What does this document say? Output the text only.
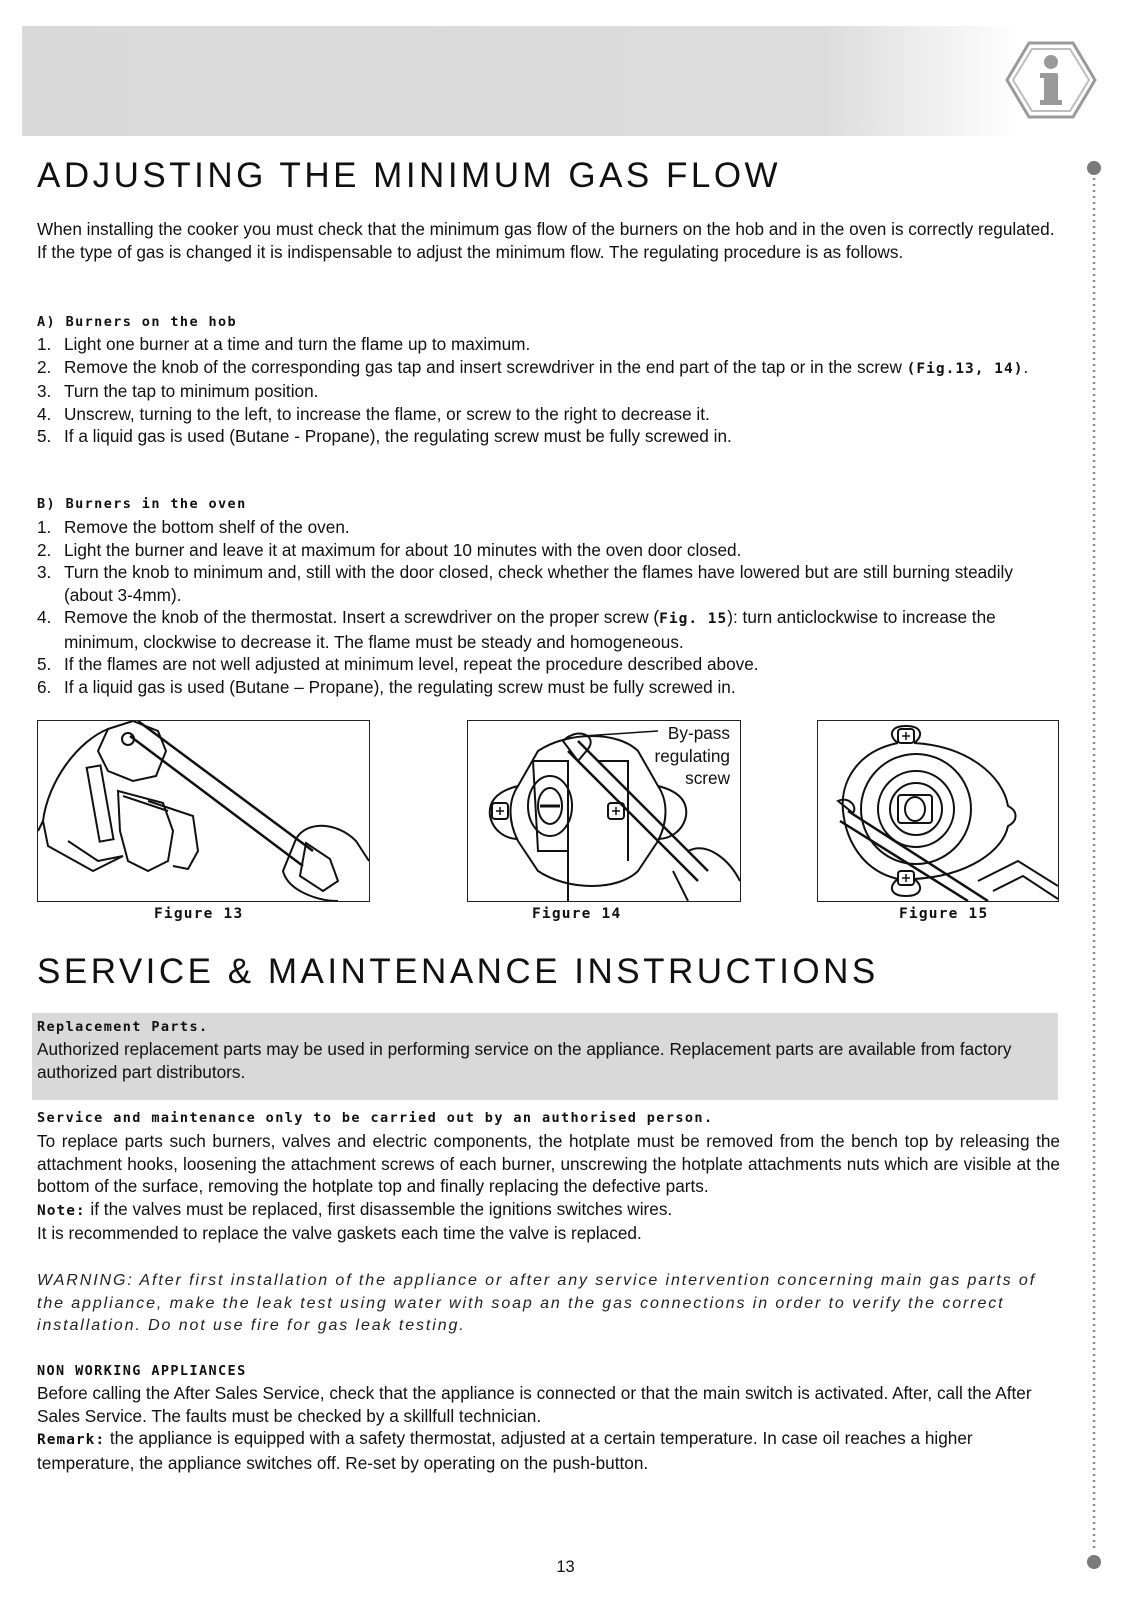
ADJUSTING THE MINIMUM GAS FLOW

When installing the cooker you must check that the minimum gas flow of the burners on the hob and in the oven is correctly regulated.
If the type of gas is changed it is indispensable to adjust the minimum flow. The regulating procedure is as follows.

A) Burners on the hob

1. Light one burner at a time and turn the flame up to maximum.
2. Remove the knob of the corresponding gas tap and insert screwdriver in the end part of the tap or in the screw (Fig.13, 14).
3. Turn the tap to minimum position.
4. Unscrew, turning to the left, to increase the flame, or screw to the right to decrease it.
5. If a liquid gas is used (Butane - Propane), the regulating screw must be fully screwed in.

B) Burners in the oven

1. Remove the bottom shelf of the oven.
2. Light the burner and leave it at maximum for about 10 minutes with the oven door closed.
3. Turn the knob to minimum and, still with the door closed, check whether the flames have lowered but are still burning steadily (about 3-4mm).
4. Remove the knob of the thermostat. Insert a screwdriver on the proper screw (Fig. 15): turn anticlockwise to increase the minimum, clockwise to decrease it. The flame must be steady and homogeneous.
5. If the flames are not well adjusted at minimum level, repeat the procedure described above.
6. If a liquid gas is used (Butane – Propane), the regulating screw must be fully screwed in.
Figure 13
By-pass
regulating
screw
Figure 14	Figure 15
SERVICE & MAINTENANCE INSTRUCTIONS

Replacement Parts.

Authorized replacement parts may be used in performing service on the appliance. Replacement parts are available from factory authorized part distributors.

Service and maintenance only to be carried out by an authorised person.

To replace parts such burners, valves and electric components, the hotplate must be removed from the bench top by releasing the attachment hooks, loosening the attachment screws of each burner, unscrewing the hotplate attachments nuts which are visible at the bottom of the surface, removing the hotplate top and finally replacing the defective parts.
Note: if the valves must be replaced, first disassemble the ignitions switches wires.
It is recommended to replace the valve gaskets each time the valve is replaced.

WARNING: After first installation of the appliance or after any service intervention concerning main gas parts of the appliance, make the leak test using water with soap an the gas connections in order to verify the correct installation. Do not use fire for gas leak testing.

NON WORKING APPLIANCES

Before calling the After Sales Service, check that the appliance is connected or that the main switch is activated. After, call the After Sales Service. The faults must be checked by a skillfull technician.
Remark: the appliance is equipped with a safety thermostat, adjusted at a certain temperature. In case oil reaches a higher temperature, the appliance switches off. Re-set by operating on the push-button.

13
